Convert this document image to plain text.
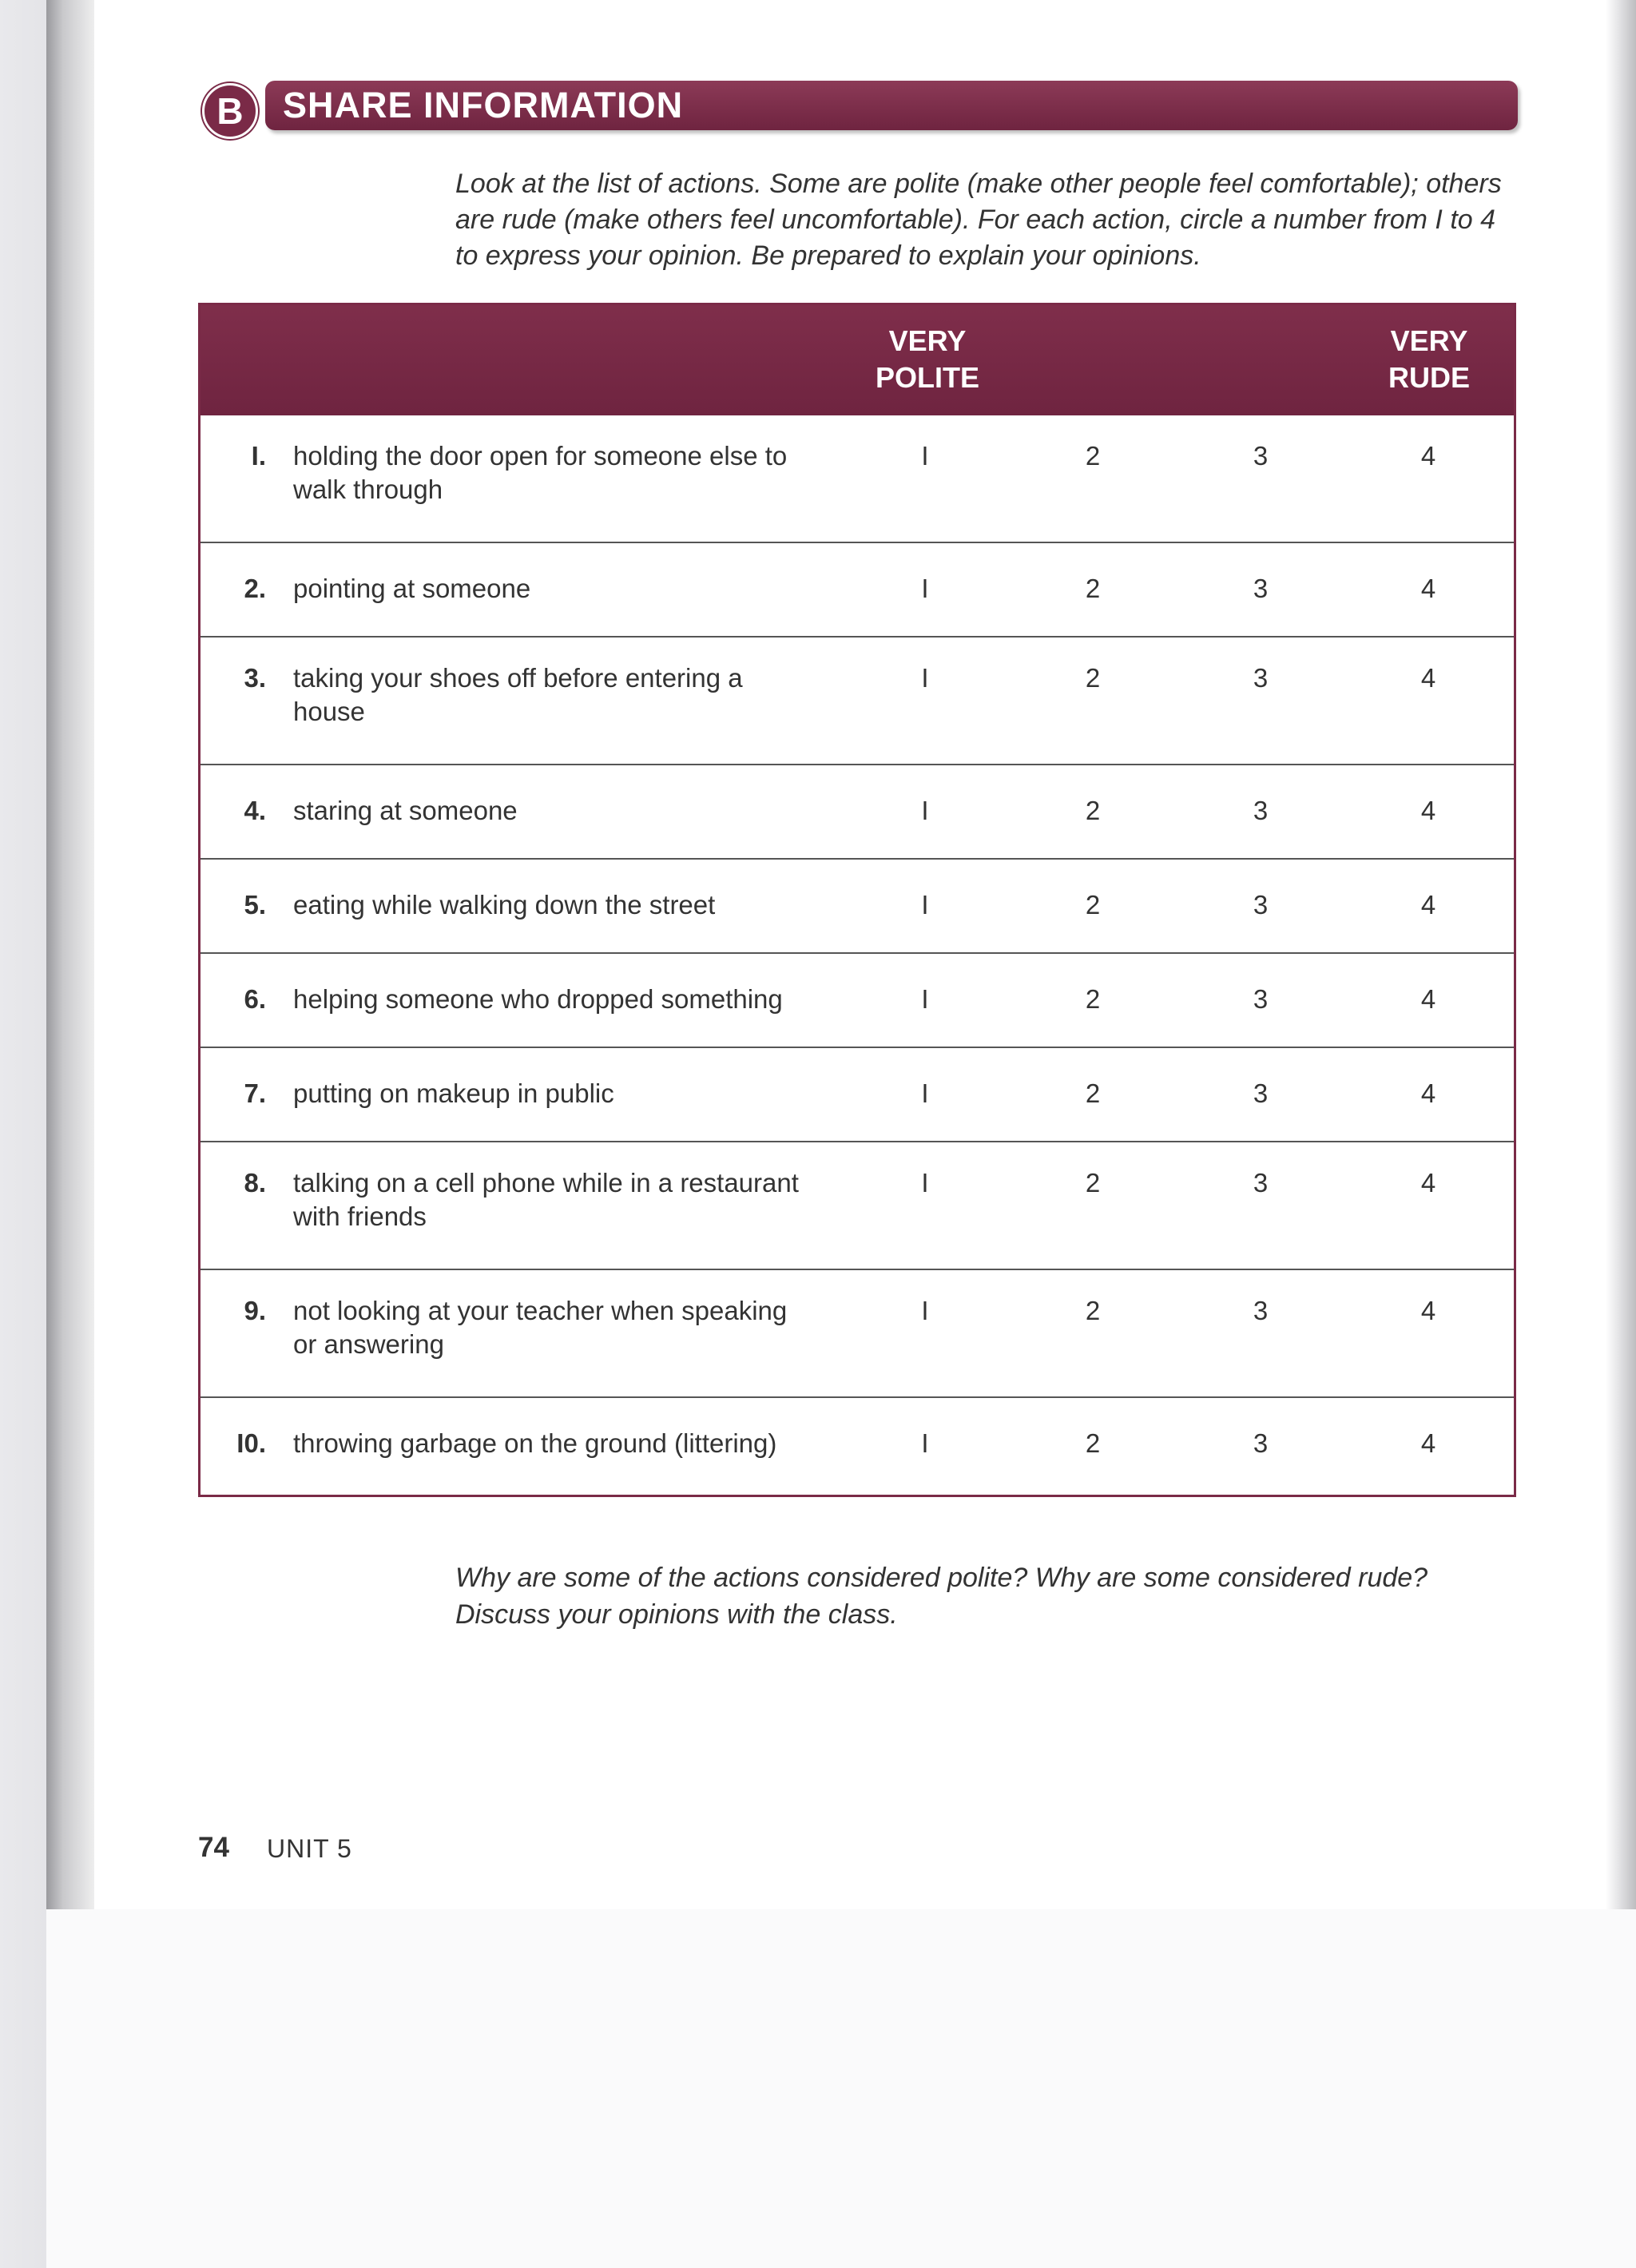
B	SHARE INFORMATION
Look at the list of actions. Some are polite (make other people feel comfortable); others are rude (make others feel uncomfortable). For each action, circle a number from I to 4 to express your opinion. Be prepared to explain your opinions.
VERY
POLITE
VERY
RUDE
I. holding the door open for someone else to
walk through
I	2	3	4
2. pointing at someone	I	2	3	4
3. taking your shoes off before entering a
house
I	2	3	4
4. staring at someone	I	2	3	4
5. eating while walking down the street	I	2	3	4
6. helping someone who dropped something	I	2	3	4
7. putting on makeup in public	I	2	3	4
8. talking on a cell phone while in a restaurant
with friends
I	2	3	4
9. not looking at your teacher when speaking
or answering
I	2	3	4
I0. throwing garbage on the ground (littering)	I	2	3	4
Why are some of the actions considered polite? Why are some considered rude? Discuss your opinions with the class.
74 UNIT 5
